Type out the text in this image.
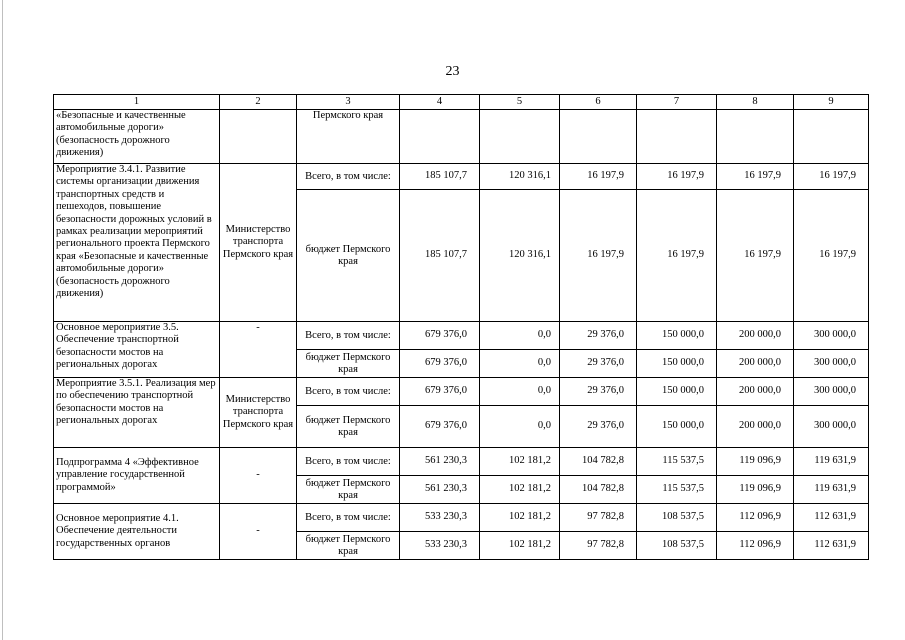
23
1	2	3	4	5	6	7	8	9
«Безопасные и качественные автомобильные дороги» (безопасность дорожного движения)		Пермского края						
Мероприятие 3.4.1. Развитие системы организации движения транспортных средств и пешеходов, повышение безопасности дорожных условий в рамках реализации мероприятий регионального проекта Пермского края «Безопасные и качественные автомобильные дороги» (безопасность дорожного движения)	Министерство транспорта Пермского края	Всего, в том числе:	185 107,7	120 316,1	16 197,9	16 197,9	16 197,9	16 197,9
		бюджет Пермского края	185 107,7	120 316,1	16 197,9	16 197,9	16 197,9	16 197,9
Основное мероприятие 3.5. Обеспечение транспортной безопасности мостов на региональных дорогах	-	Всего, в том числе:	679 376,0	0,0	29 376,0	150 000,0	200 000,0	300 000,0
		бюджет Пермского края	679 376,0	0,0	29 376,0	150 000,0	200 000,0	300 000,0
Мероприятие 3.5.1. Реализация мер по обеспечению транспортной безопасности мостов на региональных дорогах	Министерство транспорта Пермского края	Всего, в том числе:	679 376,0	0,0	29 376,0	150 000,0	200 000,0	300 000,0
		бюджет Пермского края	679 376,0	0,0	29 376,0	150 000,0	200 000,0	300 000,0
Подпрограмма 4 «Эффективное управление государственной программой»	-	Всего, в том числе:	561 230,3	102 181,2	104 782,8	115 537,5	119 096,9	119 631,9
		бюджет Пермского края	561 230,3	102 181,2	104 782,8	115 537,5	119 096,9	119 631,9
Основное мероприятие 4.1. Обеспечение деятельности государственных органов	-	Всего, в том числе:	533 230,3	102 181,2	97 782,8	108 537,5	112 096,9	112 631,9
		бюджет Пермского края	533 230,3	102 181,2	97 782,8	108 537,5	112 096,9	112 631,9
